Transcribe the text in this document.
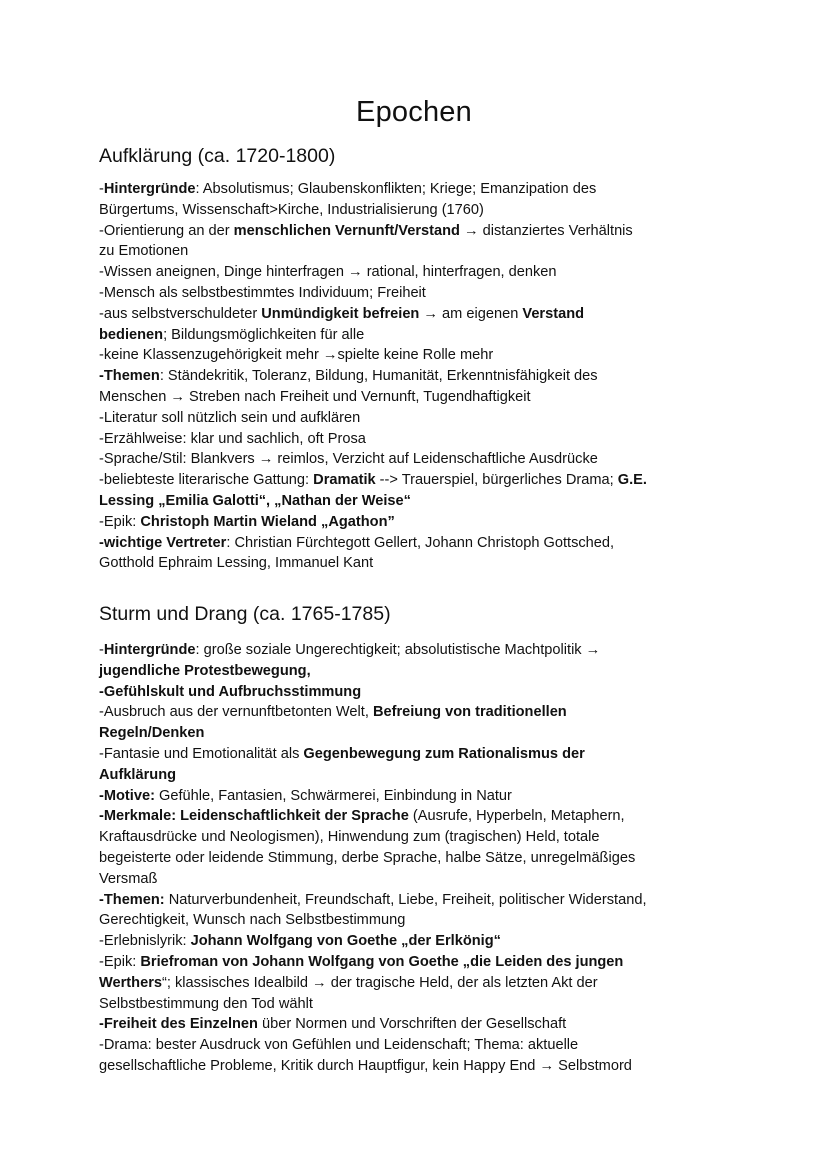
Epochen
Aufklärung (ca. 1720-1800)
-Hintergründe: Absolutismus; Glaubenskonflikten; Kriege; Emanzipation des
Bürgertums, Wissenschaft>Kirche, Industrialisierung (1760)
-Orientierung an der menschlichen Vernunft/Verstand → distanziertes Verhältnis
zu Emotionen
-Wissen aneignen, Dinge hinterfragen → rational, hinterfragen, denken
-Mensch als selbstbestimmtes Individuum; Freiheit
-aus selbstverschuldeter Unmündigkeit befreien → am eigenen Verstand
bedienen; Bildungsmöglichkeiten für alle
-keine Klassenzugehörigkeit mehr →spielte keine Rolle mehr
-Themen: Ständekritik, Toleranz, Bildung, Humanität, Erkenntnisfähigkeit des
Menschen → Streben nach Freiheit und Vernunft, Tugendhaftigkeit
-Literatur soll nützlich sein und aufklären
-Erzählweise: klar und sachlich, oft Prosa
-Sprache/Stil: Blankvers → reimlos, Verzicht auf Leidenschaftliche Ausdrücke
-beliebteste literarische Gattung: Dramatik --> Trauerspiel, bürgerliches Drama; G.E.
Lessing „Emilia Galotti“, „Nathan der Weise“
-Epik: Christoph Martin Wieland „Agathon”
-wichtige Vertreter: Christian Fürchtegott Gellert, Johann Christoph Gottsched,
Gotthold Ephraim Lessing, Immanuel Kant
Sturm und Drang (ca. 1765-1785)
-Hintergründe: große soziale Ungerechtigkeit; absolutistische Machtpolitik →
jugendliche Protestbewegung,
-Gefühlskult und Aufbruchsstimmung
-Ausbruch aus der vernunftbetonten Welt, Befreiung von traditionellen
Regeln/Denken
-Fantasie und Emotionalität als Gegenbewegung zum Rationalismus der
Aufklärung
-Motive: Gefühle, Fantasien, Schwärmerei, Einbindung in Natur
-Merkmale: Leidenschaftlichkeit der Sprache (Ausrufe, Hyperbeln, Metaphern,
Kraftausdrücke und Neologismen), Hinwendung zum (tragischen) Held, totale
begeisterte oder leidende Stimmung, derbe Sprache, halbe Sätze, unregelmäßiges
Versmaß
-Themen: Naturverbundenheit, Freundschaft, Liebe, Freiheit, politischer Widerstand,
Gerechtigkeit, Wunsch nach Selbstbestimmung
-Erlebnislyrik: Johann Wolfgang von Goethe „der Erlkönig“
-Epik: Briefroman von Johann Wolfgang von Goethe „die Leiden des jungen
Werthers“; klassisches Idealbild → der tragische Held, der als letzten Akt der
Selbstbestimmung den Tod wählt
-Freiheit des Einzelnen über Normen und Vorschriften der Gesellschaft
-Drama: bester Ausdruck von Gefühlen und Leidenschaft; Thema: aktuelle
gesellschaftliche Probleme, Kritik durch Hauptfigur, kein Happy End → Selbstmord
